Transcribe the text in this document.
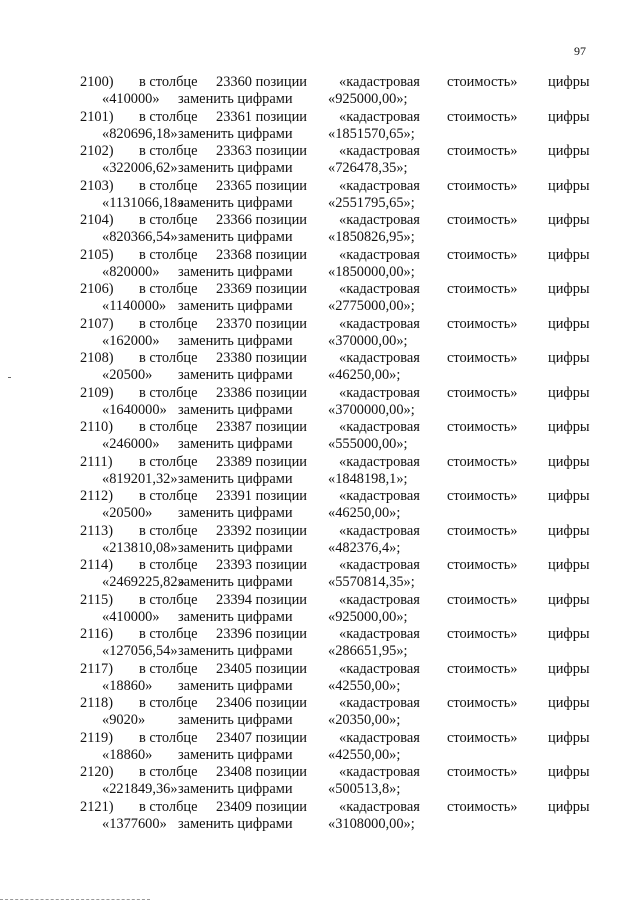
97
2100) в столбце 23360 позиции «кадастровая стоимость» цифры
«410000» заменить цифрами «925000,00»;
2101) в столбце 23361 позиции «кадастровая стоимость» цифры
«820696,18» заменить цифрами «1851570,65»;
2102) в столбце 23363 позиции «кадастровая стоимость» цифры
«322006,62» заменить цифрами «726478,35»;
2103) в столбце 23365 позиции «кадастровая стоимость» цифры
«1131066,18»
заменить цифрами «2551795,65»;
2104) в столбце 23366 позиции «кадастровая стоимость» цифры
«820366,54» заменить цифрами «1850826,95»;
2105) в столбце 23368 позиции «кадастровая стоимость» цифры
«820000» заменить цифрами «1850000,00»;
2106) в столбце 23369 позиции «кадастровая стоимость» цифры
«1140000» заменить цифрами «2775000,00»;
2107) в столбце 23370 позиции «кадастровая стоимость» цифры
«162000» заменить цифрами «370000,00»;
2108) в столбце 23380 позиции «кадастровая стоимость» цифры
«20500» заменить цифрами «46250,00»;
2109) в столбце 23386 позиции «кадастровая стоимость» цифры
«1640000» заменить цифрами «3700000,00»;
2110) в столбце 23387 позиции «кадастровая стоимость» цифры
«246000» заменить цифрами «555000,00»;
2111) в столбце 23389 позиции «кадастровая стоимость» цифры
«819201,32» заменить цифрами «1848198,1»;
2112) в столбце 23391 позиции «кадастровая стоимость» цифры
«20500» заменить цифрами «46250,00»;
2113) в столбце 23392 позиции «кадастровая стоимость» цифры
«213810,08» заменить цифрами «482376,4»;
2114) в столбце 23393 позиции «кадастровая стоимость» цифры
«2469225,82»
заменить цифрами «5570814,35»;
2115) в столбце 23394 позиции «кадастровая стоимость» цифры
«410000» заменить цифрами «925000,00»;
2116) в столбце 23396 позиции «кадастровая стоимость» цифры
«127056,54» заменить цифрами «286651,95»;
2117) в столбце 23405 позиции «кадастровая стоимость» цифры
«18860» заменить цифрами «42550,00»;
2118) в столбце 23406 позиции «кадастровая стоимость» цифры
«9020» заменить цифрами «20350,00»;
2119) в столбце 23407 позиции «кадастровая стоимость» цифры
«18860» заменить цифрами «42550,00»;
2120) в столбце 23408 позиции «кадастровая стоимость» цифры
«221849,36» заменить цифрами «500513,8»;
2121) в столбце 23409 позиции «кадастровая стоимость» цифры
«1377600» заменить цифрами «3108000,00»;
